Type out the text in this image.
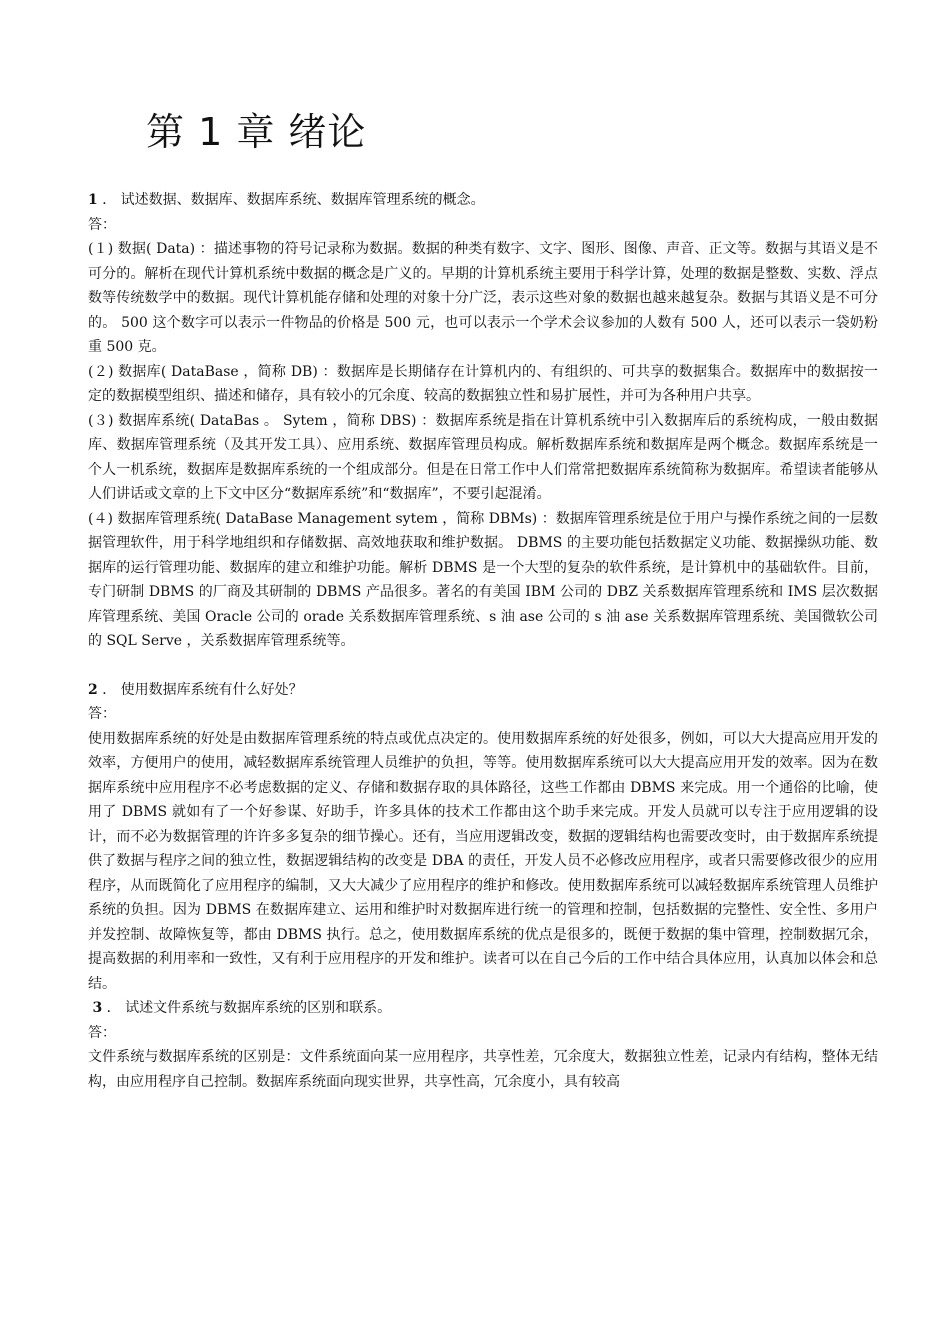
第 1 章 绪论

1 ． 试述数据、数据库、数据库系统、数据库管理系统的概念。

答：

(１) 数据( Data) ：描述事物的符号记录称为数据。数据的种类有数字、文字、图形、图像、声音、正文等。数据与其语义是不可分的。解析在现代计算机系统中数据的概念是广义的。早期的计算机系统主要用于科学计算，处理的数据是整数、实数、浮点数等传统数学中的数据。现代计算机能存储和处理的对象十分广泛，表示这些对象的数据也越来越复杂。数据与其语义是不可分的。 500 这个数字可以表示一件物品的价格是 500 元，也可以表示一个学术会议参加的人数有 500 人，还可以表示一袋奶粉重 500 克。

(２) 数据库( DataBase ，简称 DB) ：数据库是长期储存在计算机内的、有组织的、可共享的数据集合。数据库中的数据按一定的数据模型组织、描述和储存，具有较小的冗余度、较高的数据独立性和易扩展性，并可为各种用户共享。

(３) 数据库系统( DataBas 。 Sytem ，简称 DBS) ：数据库系统是指在计算机系统中引入数据库后的系统构成，一般由数据库、数据库管理系统（及其开发工具）、应用系统、数据库管理员构成。解析数据库系统和数据库是两个概念。数据库系统是一个人一机系统，数据库是数据库系统的一个组成部分。但是在日常工作中人们常常把数据库系统简称为数据库。希望读者能够从人们讲话或文章的上下文中区分“数据库系统”和“数据库”，不要引起混淆。

(４) 数据库管理系统( DataBase Management sytem ，简称 DBMs) ：数据库管理系统是位于用户与操作系统之间的一层数据管理软件，用于科学地组织和存储数据、高效地获取和维护数据。 DBMS 的主要功能包括数据定义功能、数据操纵功能、数据库的运行管理功能、数据库的建立和维护功能。解析 DBMS 是一个大型的复杂的软件系统，是计算机中的基础软件。目前，专门研制 DBMS 的厂商及其研制的 DBMS 产品很多。著名的有美国 IBM 公司的 DBZ 关系数据库管理系统和 IMS 层次数据库管理系统、美国 Oracle 公司的 orade 关系数据库管理系统、s 油 ase 公司的 s 油 ase 关系数据库管理系统、美国微软公司的 SQL Serve ，关系数据库管理系统等。

2 ． 使用数据库系统有什么好处？

答：

使用数据库系统的好处是由数据库管理系统的特点或优点决定的。使用数据库系统的好处很多，例如，可以大大提高应用开发的效率，方便用户的使用，减轻数据库系统管理人员维护的负担，等等。使用数据库系统可以大大提高应用开发的效率。因为在数据库系统中应用程序不必考虑数据的定义、存储和数据存取的具体路径，这些工作都由 DBMS 来完成。用一个通俗的比喻，使用了 DBMS 就如有了一个好参谋、好助手，许多具体的技术工作都由这个助手来完成。开发人员就可以专注于应用逻辑的设计，而不必为数据管理的许许多多复杂的细节操心。还有，当应用逻辑改变，数据的逻辑结构也需要改变时，由于数据库系统提供了数据与程序之间的独立性，数据逻辑结构的改变是 DBA 的责任，开发人员不必修改应用程序，或者只需要修改很少的应用程序，从而既简化了应用程序的编制，又大大减少了应用程序的维护和修改。使用数据库系统可以减轻数据库系统管理人员维护系统的负担。因为 DBMS 在数据库建立、运用和维护时对数据库进行统一的管理和控制，包括数据的完整性、安全性、多用户并发控制、故障恢复等，都由 DBMS 执行。总之，使用数据库系统的优点是很多的，既便于数据的集中管理，控制数据冗余，提高数据的利用率和一致性，又有利于应用程序的开发和维护。读者可以在自己今后的工作中结合具体应用，认真加以体会和总结。

3 ． 试述文件系统与数据库系统的区别和联系。

答：

文件系统与数据库系统的区别是：文件系统面向某一应用程序，共享性差，冗余度大，数据独立性差，记录内有结构，整体无结构，由应用程序自己控制。数据库系统面向现实世界，共享性高，冗余度小，具有较高
